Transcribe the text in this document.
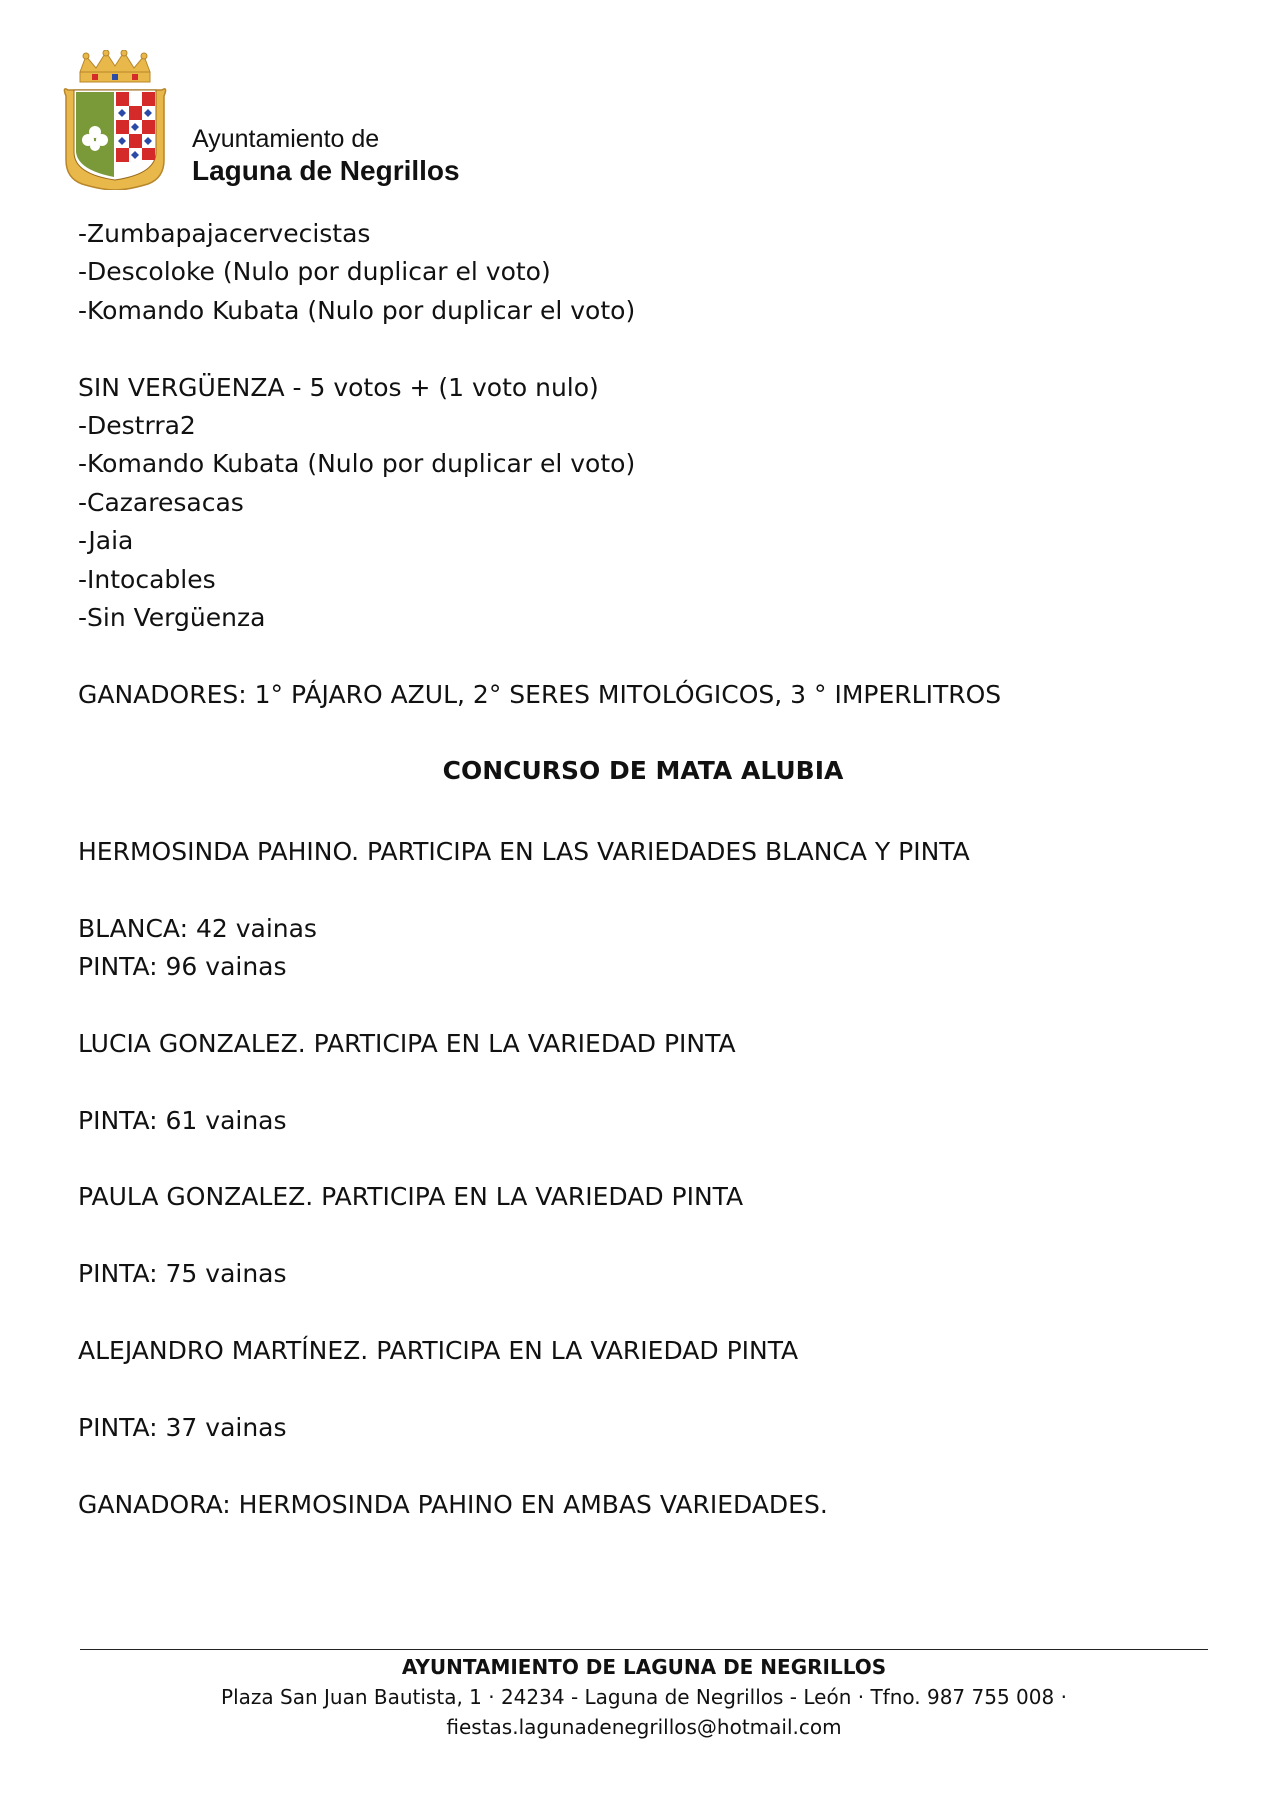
Ayuntamiento de
Laguna de Negrillos
-Zumbapajacervecistas
-Descoloke (Nulo por duplicar el voto)
-Komando Kubata (Nulo por duplicar el voto)
SIN VERGÜENZA - 5 votos + (1 voto nulo)
-Destrra2
-Komando Kubata (Nulo por duplicar el voto)
-Cazaresacas
-Jaia
-Intocables
-Sin Vergüenza
GANADORES: 1° PÁJARO AZUL, 2° SERES MITOLÓGICOS, 3 ° IMPERLITROS
CONCURSO DE MATA ALUBIA
HERMOSINDA PAHINO. PARTICIPA EN LAS VARIEDADES BLANCA Y PINTA
BLANCA: 42 vainas
PINTA: 96 vainas
LUCIA GONZALEZ. PARTICIPA EN LA VARIEDAD PINTA
PINTA: 61 vainas
PAULA GONZALEZ. PARTICIPA EN LA VARIEDAD PINTA
PINTA: 75 vainas
ALEJANDRO MARTÍNEZ. PARTICIPA EN LA VARIEDAD PINTA
PINTA: 37 vainas
GANADORA: HERMOSINDA PAHINO EN AMBAS VARIEDADES.
AYUNTAMIENTO DE LAGUNA DE NEGRILLOS
Plaza San Juan Bautista, 1 · 24234 - Laguna de Negrillos - León · Tfno. 987 755 008 ·
fiestas.lagunadenegrillos@hotmail.com
